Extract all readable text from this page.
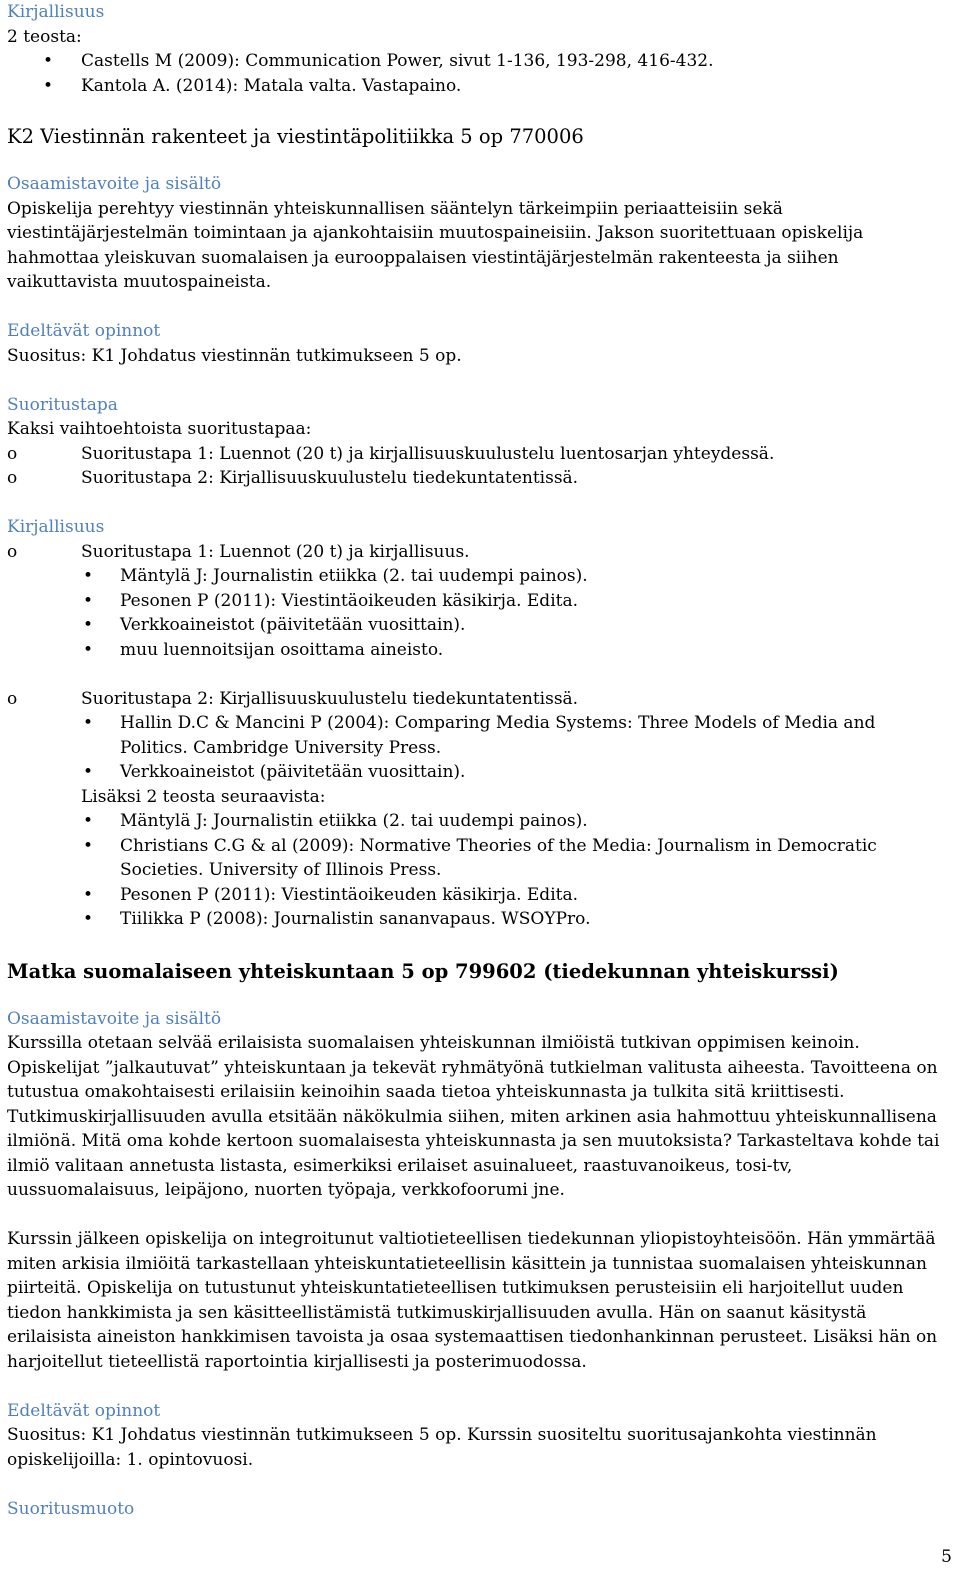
Kirjallisuus

2 teosta:

• Castells M (2009): Communication Power, sivut 1-136, 193-298, 416-432.
• Kantola A. (2014): Matala valta. Vastapaino.

K2 Viestinnän rakenteet ja viestintäpolitiikka 5 op 770006

Osaamistavoite ja sisältö

Opiskelija perehtyy viestinnän yhteiskunnallisen sääntelyn tärkeimpiin periaatteisiin sekä viestintäjärjestelmän toimintaan ja ajankohtaisiin muutospaineisiin. Jakson suoritettuaan opiskelija hahmottaa yleiskuvan suomalaisen ja eurooppalaisen viestintäjärjestelmän rakenteesta ja siihen vaikuttavista muutospaineista.

Edeltävät opinnot

Suositus: K1 Johdatus viestinnän tutkimukseen 5 op.

Suoritustapa

Kaksi vaihtoehtoista suoritustapaa:

o Suoritustapa 1: Luennot (20 t) ja kirjallisuuskuulustelu luentosarjan yhteydessä.
o Suoritustapa 2: Kirjallisuuskuulustelu tiedekuntatentissä.

Kirjallisuus

o Suoritustapa 1: Luennot (20 t) ja kirjallisuus.
• Mäntylä J: Journalistin etiikka (2. tai uudempi painos).
• Pesonen P (2011): Viestintäoikeuden käsikirja. Edita.
• Verkkoaineistot (päivitetään vuosittain).
• muu luennoitsijan osoittama aineisto.
o Suoritustapa 2: Kirjallisuuskuulustelu tiedekuntatentissä.
• Hallin D.C & Mancini P (2004): Comparing Media Systems: Three Models of Media and Politics. Cambridge University Press.
• Verkkoaineistot (päivitetään vuosittain).

Lisäksi 2 teosta seuraavista:

• Mäntylä J: Journalistin etiikka (2. tai uudempi painos).
• Christians C.G & al (2009): Normative Theories of the Media: Journalism in Democratic Societies. University of Illinois Press.
• Pesonen P (2011): Viestintäoikeuden käsikirja. Edita.
• Tiilikka P (2008): Journalistin sananvapaus. WSOYPro.

Matka suomalaiseen yhteiskuntaan 5 op 799602 (tiedekunnan yhteiskurssi)

Osaamistavoite ja sisältö

Kurssilla otetaan selvää erilaisista suomalaisen yhteiskunnan ilmiöistä tutkivan oppimisen keinoin. Opiskelijat ”jalkautuvat” yhteiskuntaan ja tekevät ryhmätyönä tutkielman valitusta aiheesta. Tavoitteena on tutustua omakohtaisesti erilaisiin keinoihin saada tietoa yhteiskunnasta ja tulkita sitä kriittisesti. Tutkimuskirjallisuuden avulla etsitään näkökulmia siihen, miten arkinen asia hahmottuu yhteiskunnallisena ilmiönä. Mitä oma kohde kertoon suomalaisesta yhteiskunnasta ja sen muutoksista? Tarkasteltava kohde tai ilmiö valitaan annetusta listasta, esimerkiksi erilaiset asuinalueet, raastuvanoikeus, tosi-tv, uussuomalaisuus, leipäjono, nuorten työpaja, verkkofoorumi jne.

Kurssin jälkeen opiskelija on integroitunut valtiotieteellisen tiedekunnan yliopistoyhteisöön. Hän ymmärtää miten arkisia ilmiöitä tarkastellaan yhteiskuntatieteellisin käsittein ja tunnistaa suomalaisen yhteiskunnan piirteitä. Opiskelija on tutustunut yhteiskuntatieteellisen tutkimuksen perusteisiin eli harjoitellut uuden tiedon hankkimista ja sen käsitteellistämistä tutkimuskirjallisuuden avulla. Hän on saanut käsitystä erilaisista aineiston hankkimisen tavoista ja osaa systemaattisen tiedonhankinnan perusteet. Lisäksi hän on harjoitellut tieteellistä raportointia kirjallisesti ja posterimuodossa.

Edeltävät opinnot

Suositus: K1 Johdatus viestinnän tutkimukseen 5 op. Kurssin suositeltu suoritusajankohta viestinnän opiskelijoilla: 1. opintovuosi.

Suoritusmuoto

5
